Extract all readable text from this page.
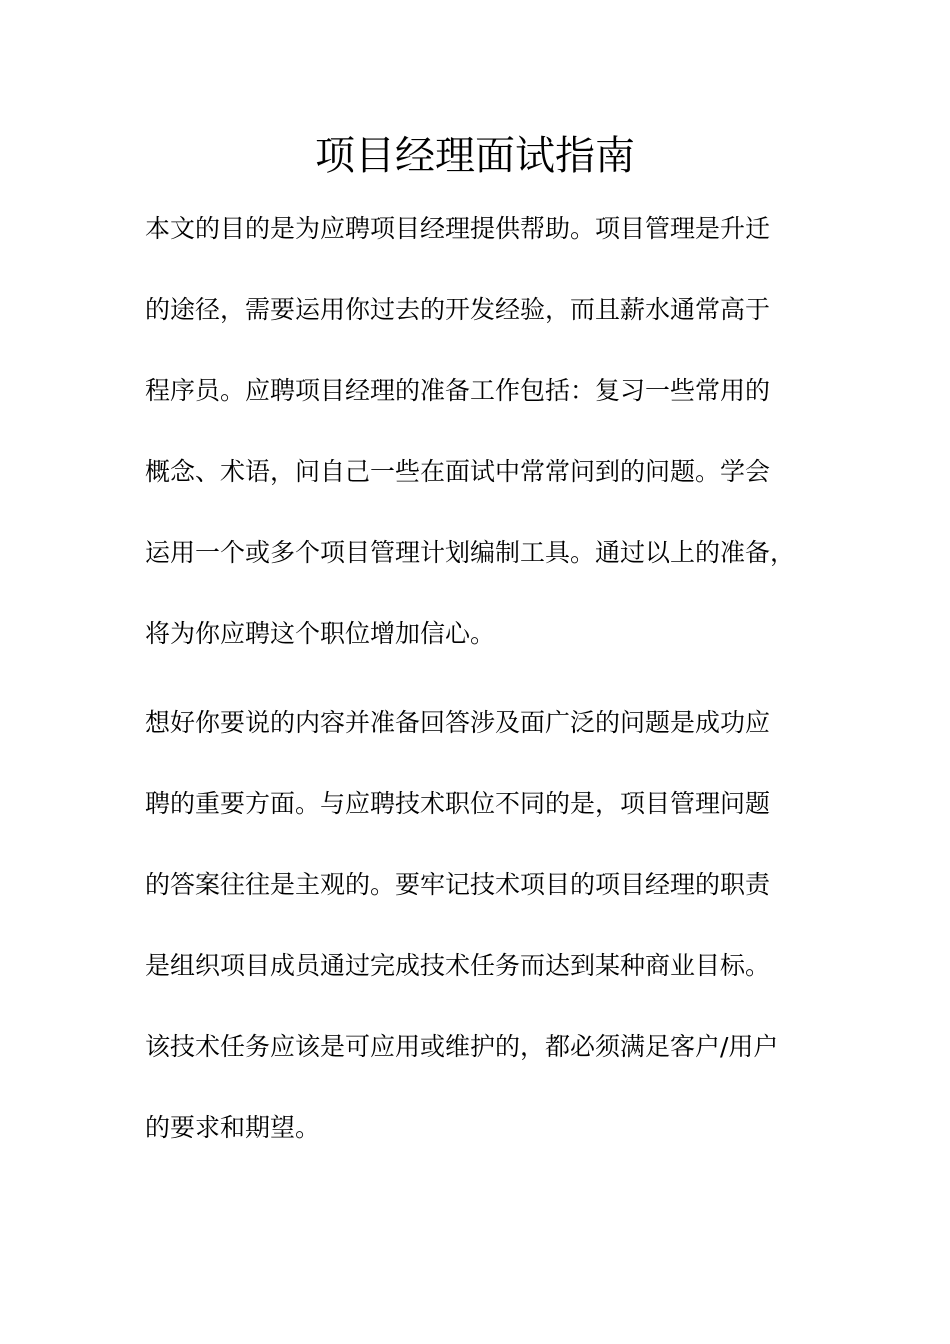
项目经理面试指南
本文的目的是为应聘项目经理提供帮助。项目管理是升迁
的途径，需要运用你过去的开发经验，而且薪水通常高于
程序员。应聘项目经理的准备工作包括：复习一些常用的
概念、术语，问自己一些在面试中常常问到的问题。学会
运用一个或多个项目管理计划编制工具。通过以上的准备，
将为你应聘这个职位增加信心。
想好你要说的内容并准备回答涉及面广泛的问题是成功应
聘的重要方面。与应聘技术职位不同的是，项目管理问题
的答案往往是主观的。要牢记技术项目的项目经理的职责
是组织项目成员通过完成技术任务而达到某种商业目标。
该技术任务应该是可应用或维护的，都必须满足客户/用户
的要求和期望。
